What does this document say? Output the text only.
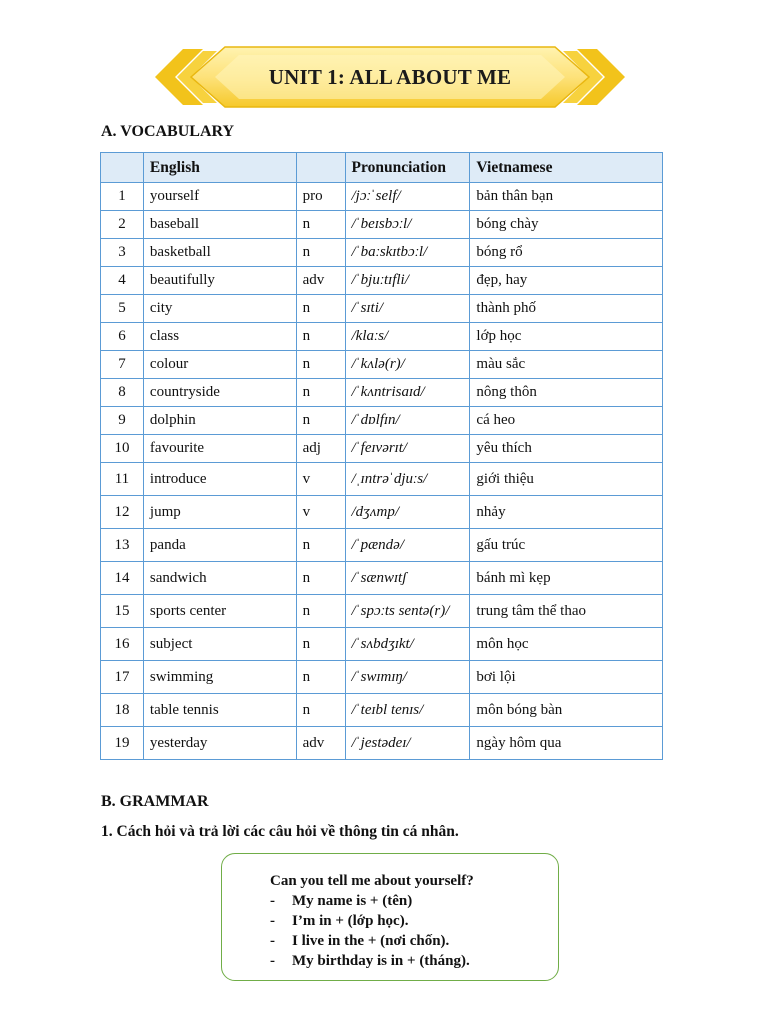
UNIT 1: ALL ABOUT ME
A. VOCABULARY
	English		Pronunciation	Vietnamese
1	yourself	pro	/jɔːˈself/	bản thân bạn
2	baseball	n	/ˈbeɪsbɔːl/	bóng chày
3	basketball	n	/ˈbaːskɪtbɔːl/	bóng rổ
4	beautifully	adv	/ˈbjuːtɪfli/	đẹp, hay
5	city	n	/ˈsɪti/	thành phố
6	class	n	/klaːs/	lớp học
7	colour	n	/ˈkʌlə(r)/	màu sắc
8	countryside	n	/ˈkʌntrisaɪd/	nông thôn
9	dolphin	n	/ˈdɒlfɪn/	cá heo
10	favourite	adj	/ˈfeɪvərɪt/	yêu thích
11	introduce	v	/ˌɪntrəˈdjuːs/	giới thiệu
12	jump	v	/dʒʌmp/	nhảy
13	panda	n	/ˈpændə/	gấu trúc
14	sandwich	n	/ˈsænwɪtʃ	bánh mì kẹp
15	sports center	n	/ˈspɔːts sentə(r)/	trung tâm thể thao
16	subject	n	/ˈsʌbdʒɪkt/	môn học
17	swimming	n	/ˈswɪmɪŋ/	bơi lội
18	table tennis	n	/ˈteɪbl tenɪs/	môn bóng bàn
19	yesterday	adv	/ˈjestədeɪ/	ngày hôm qua
B. GRAMMAR
1. Cách hỏi và trả lời các câu hỏi về thông tin cá nhân.
Can you tell me about yourself?
- My name is + (tên)
- I’m in + (lớp học).
- I live in the + (nơi chốn).
- My birthday is in + (tháng).
